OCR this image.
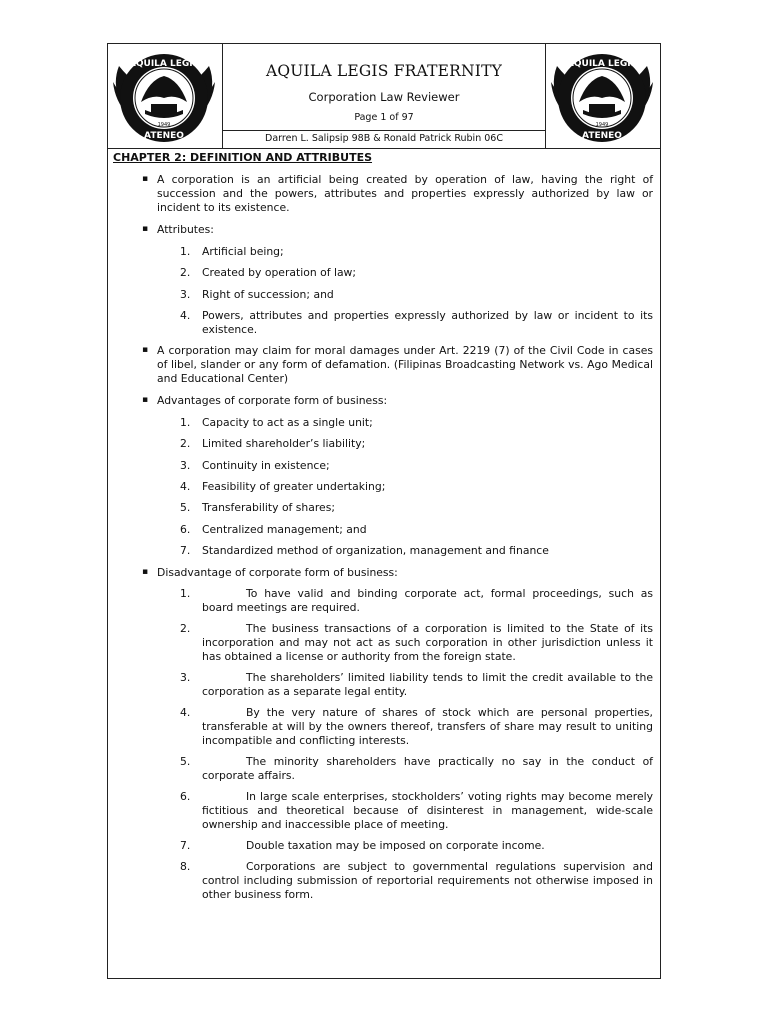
1949
AQUILA LEGIS
ATENEO
AQUILA LEGIS FRATERNITY
Corporation Law Reviewer
Page 1 of 97
Darren L. Salipsip 98B & Ronald Patrick Rubin 06C
1949
AQUILA LEGIS
ATENEO
CHAPTER 2: DEFINITION AND ATTRIBUTES
▪ A corporation is an artificial being created by operation of law, having the right of succession and the powers, attributes and properties expressly authorized by law or incident to its existence.
▪ Attributes:
1. Artificial being;
2. Created by operation of law;
3. Right of succession; and
4. Powers, attributes and properties expressly authorized by law or incident to its existence.
▪ A corporation may claim for moral damages under Art. 2219 (7) of the Civil Code in cases of libel, slander or any form of defamation. (Filipinas Broadcasting Network vs. Ago Medical and Educational Center)
▪ Advantages of corporate form of business:
1. Capacity to act as a single unit;
2. Limited shareholder’s liability;
3. Continuity in existence;
4. Feasibility of greater undertaking;
5. Transferability of shares;
6. Centralized management; and
7. Standardized method of organization, management and finance
▪ Disadvantage of corporate form of business:
1.	To have valid and binding corporate act, formal proceedings, such as board meetings are required.
2.	The business transactions of a corporation is limited to the State of its incorporation and may not act as such corporation in other jurisdiction unless it has obtained a license or authority from the foreign state.
3.	The shareholders’ limited liability tends to limit the credit available to the corporation as a separate legal entity.
4.	By the very nature of shares of stock which are personal properties, transferable at will by the owners thereof, transfers of share may result to uniting incompatible and conflicting interests.
5.	The minority shareholders have practically no say in the conduct of corporate affairs.
6.	In large scale enterprises, stockholders’ voting rights may become merely fictitious and theoretical because of disinterest in management, wide-scale ownership and inaccessible place of meeting.
7.	Double taxation may be imposed on corporate income.
8.	Corporations are subject to governmental regulations supervision and control including submission of reportorial requirements not otherwise imposed in other business form.
